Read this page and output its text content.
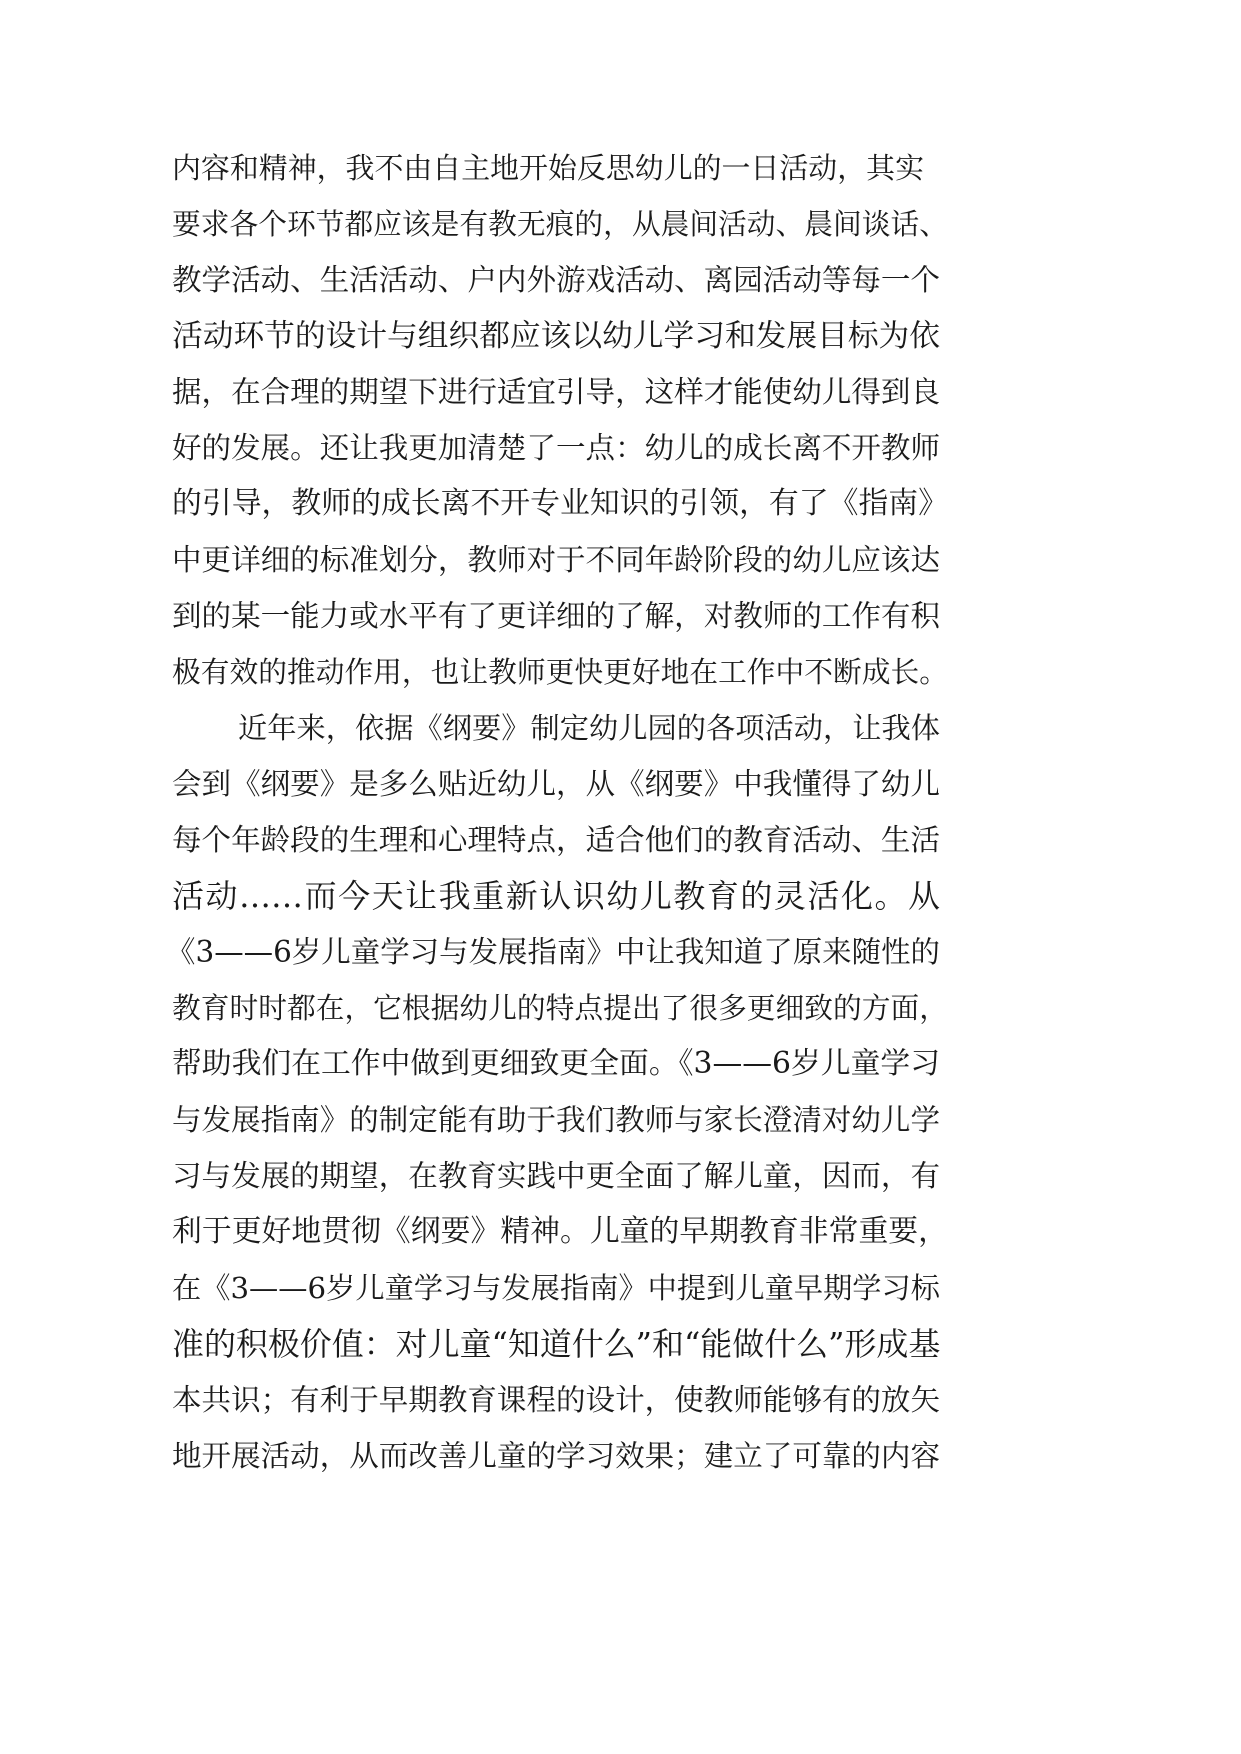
内容和精神，我不由自主地开始反思幼儿的一日活动，其实
要求各个环节都应该是有教无痕的，从晨间活动、晨间谈话、
教学活动、生活活动、户内外游戏活动、离园活动等每一个
活动环节的设计与组织都应该以幼儿学习和发展目标为依
据，在合理的期望下进行适宜引导，这样才能使幼儿得到良
好的发展。还让我更加清楚了一点：幼儿的成长离不开教师
的引导，教师的成长离不开专业知识的引领，有了《指南》
中更详细的标准划分，教师对于不同年龄阶段的幼儿应该达
到的某一能力或水平有了更详细的了解，对教师的工作有积
极有效的推动作用，也让教师更快更好地在工作中不断成长。
近年来，依据《纲要》制定幼儿园的各项活动，让我体
会到《纲要》是多么贴近幼儿，从《纲要》中我懂得了幼儿
每个年龄段的生理和心理特点，适合他们的教育活动、生活
活动……而今天让我重新认识幼儿教育的灵活化。从
《3——6岁儿童学习与发展指南》中让我知道了原来随性的
教育时时都在，它根据幼儿的特点提出了很多更细致的方面，
帮助我们在工作中做到更细致更全面。《3——6岁儿童学习
与发展指南》的制定能有助于我们教师与家长澄清对幼儿学
习与发展的期望，在教育实践中更全面了解儿童，因而，有
利于更好地贯彻《纲要》精神。儿童的早期教育非常重要，
在《3——6岁儿童学习与发展指南》中提到儿童早期学习标
准的积极价值：对儿童“知道什么”和“能做什么”形成基
本共识；有利于早期教育课程的设计，使教师能够有的放矢
地开展活动，从而改善儿童的学习效果；建立了可靠的内容
